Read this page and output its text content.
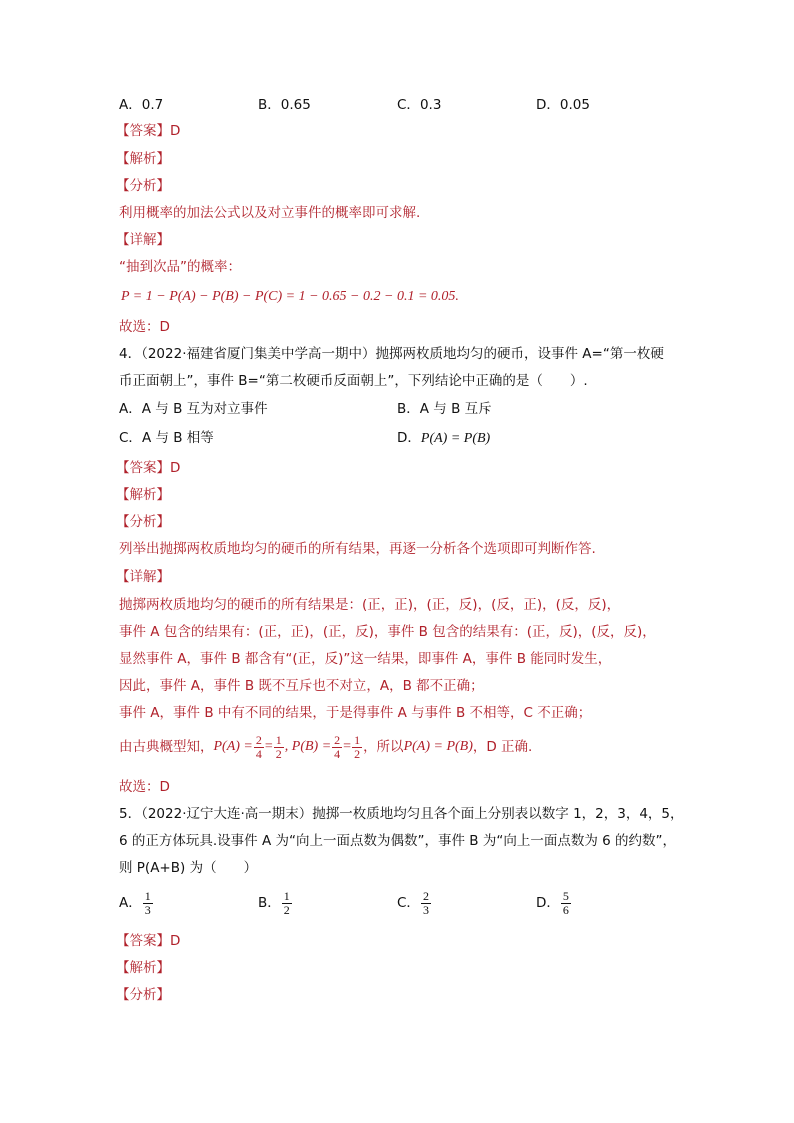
A．0.7	B．0.65	C．0.3	D．0.05
【答案】D
【解析】
【分析】
利用概率的加法公式以及对立事件的概率即可求解.
【详解】
“抽到次品”的概率：
P = 1 − P(A) − P(B) − P(C) = 1 − 0.65 − 0.2 − 0.1 = 0.05.
故选：D
4．（2022·福建省厦门集美中学高一期中）抛掷两枚质地均匀的硬币，设事件 A=“第一枚硬
币正面朝上”，事件 B=“第二枚硬币反面朝上”，下列结论中正确的是（　　）.
A．A 与 B 互为对立事件	B．A 与 B 互斥
C．A 与 B 相等	D．P(A) = P(B)
【答案】D
【解析】
【分析】
列举出抛掷两枚质地均匀的硬币的所有结果，再逐一分析各个选项即可判断作答.
【详解】
抛掷两枚质地均匀的硬币的所有结果是：(正，正)，(正，反)，(反，正)，(反，反)，
事件 A 包含的结果有：(正，正)，(正，反)，事件 B 包含的结果有：(正，反)，(反，反)，
显然事件 A，事件 B 都含有“(正，反)”这一结果，即事件 A，事件 B 能同时发生，
因此，事件 A，事件 B 既不互斥也不对立，A，B 都不正确；
事件 A，事件 B 中有不同的结果，于是得事件 A 与事件 B 不相等，C 不正确；
由古典概型知， $P(A) = \frac{2}{4} = \frac{1}{2}$ , $P(B) = \frac{2}{4} = \frac{1}{2}$ ，所以 P(A) = P(B) ，D 正确.
故选：D
5．（2022·辽宁大连·高一期末）抛掷一枚质地均匀且各个面上分别表以数字 1，2，3，4，5，
6 的正方体玩具.设事件 A 为“向上一面点数为偶数”，事件 B 为“向上一面点数为 6 的约数”，
则 P(A+B) 为（　　）
A． $\frac{1}{3}$	B． $\frac{1}{2}$	C． $\frac{2}{3}$	D． $\frac{5}{6}$
【答案】D
【解析】
【分析】
